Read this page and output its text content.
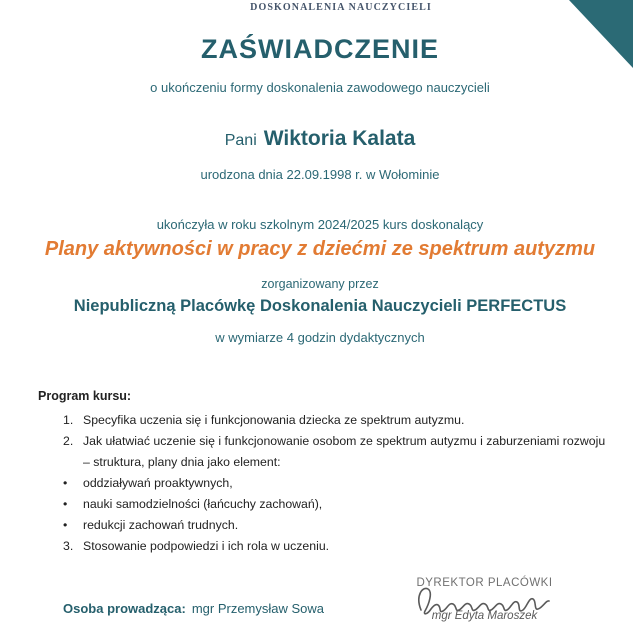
DOSKONALENIA NAUCZYCIELI
ZAŚWIADCZENIE
o ukończeniu formy doskonalenia zawodowego nauczycieli
Pani Wiktoria Kalata
urodzona dnia 22.09.1998 r. w Wołominie
ukończyła w roku szkolnym 2024/2025 kurs doskonalący
Plany aktywności w pracy z dziećmi ze spektrum autyzmu
zorganizowany przez
Niepubliczną Placówkę Doskonalenia Nauczycieli PERFECTUS
w wymiarze 4 godzin dydaktycznych

Program kursu:

1. Specyfika uczenia się i funkcjonowania dziecka ze spektrum autyzmu.
2. Jak ułatwiać uczenie się i funkcjonowanie osobom ze spektrum autyzmu i zaburzeniami rozwoju – struktura, plany dnia jako element:
•	oddziaływań proaktywnych,
•	nauki samodzielności (łańcuchy zachowań),
•	redukcji zachowań trudnych.
3. Stosowanie podpowiedzi i ich rola w uczeniu.
Osoba prowadząca: mgr Przemysław Sowa
DYREKTOR PLACÓWKI
mgr Edyta Maroszek
